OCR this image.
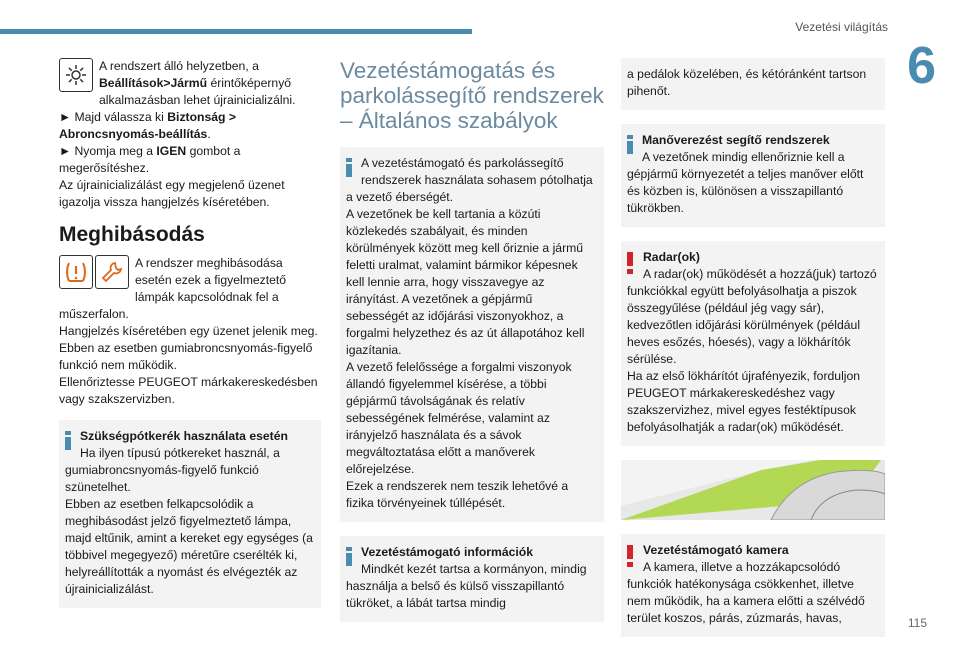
Vezetési világítás
6

A rendszert álló helyzetben, a Beállítások>Jármű érintőképernyő alkalmazásban lehet újrainicializálni.

► Majd válassza ki Biztonság > Abroncsnyomás-beállítás.

► Nyomja meg a IGEN gombot a megerősítéshez.

Az újrainicializálást egy megjelenő üzenet igazolja vissza hangjelzés kíséretében.

Meghibásodás

A rendszer meghibásodása esetén ezek a figyelmeztető lámpák kapcsolódnak fel a műszerfalon.

Hangjelzés kíséretében egy üzenet jelenik meg.

Ebben az esetben gumiabroncsnyomás-figyelő funkció nem működik.

Ellenőriztesse PEUGEOT márkakereskedésben vagy szakszervizben.

Szükségpótkerék használata esetén

Ha ilyen típusú pótkereket használ, a gumiabroncsnyomás-figyelő funkció szünetelhet.

Ebben az esetben felkapcsolódik a meghibásodást jelző figyelmeztető lámpa, majd eltűnik, amint a kereket egy egységes (a többivel megegyező) méretűre cserélték ki, helyreállították a nyomást és elvégezték az újrainicializálást.

Vezetéstámogatás és parkolássegítő rendszerek – Általános szabályok

A vezetéstámogató és parkolássegítő rendszerek használata sohasem pótolhatja a vezető éberségét.

A vezetőnek be kell tartania a közúti közlekedés szabályait, és minden körülmények között meg kell őriznie a jármű feletti uralmat, valamint bármikor képesnek kell lennie arra, hogy visszavegye az irányítást. A vezetőnek a gépjármű sebességét az időjárási viszonyokhoz, a forgalmi helyzethez és az út állapotához kell igazítania.

A vezető felelőssége a forgalmi viszonyok állandó figyelemmel kísérése, a többi gépjármű távolságának és relatív sebességének felmérése, valamint az irányjelző használata és a sávok megváltoztatása előtt a manőverek előrejelzése.

Ezek a rendszerek nem teszik lehetővé a fizika törvényeinek túllépését.

Vezetéstámogató információk

Mindkét kezét tartsa a kormányon, mindig használja a belső és külső visszapillantó tükröket, a lábát tartsa mindig

a pedálok közelében, és kétóránként tartson pihenőt.

Manőverezést segítő rendszerek

A vezetőnek mindig ellenőriznie kell a gépjármű környezetét a teljes manőver előtt és közben is, különösen a visszapillantó tükrökben.

Radar(ok)

A radar(ok) működését a hozzá(juk) tartozó funkciókkal együtt befolyásolhatja a piszok összegyűlése (például jég vagy sár), kedvezőtlen időjárási körülmények (például heves esőzés, hóesés), vagy a lökhárítók sérülése.

Ha az első lökhárítót újrafényezik, forduljon PEUGEOT márkakereskedéshez vagy szakszervizhez, mivel egyes festéktípusok befolyásolhatják a radar(ok) működését.

Vezetéstámogató kamera

A kamera, illetve a hozzákapcsolódó funkciók hatékonysága csökkenhet, illetve nem működik, ha a kamera előtti a szélvédő terület koszos, párás, zúzmarás, havas,	115
